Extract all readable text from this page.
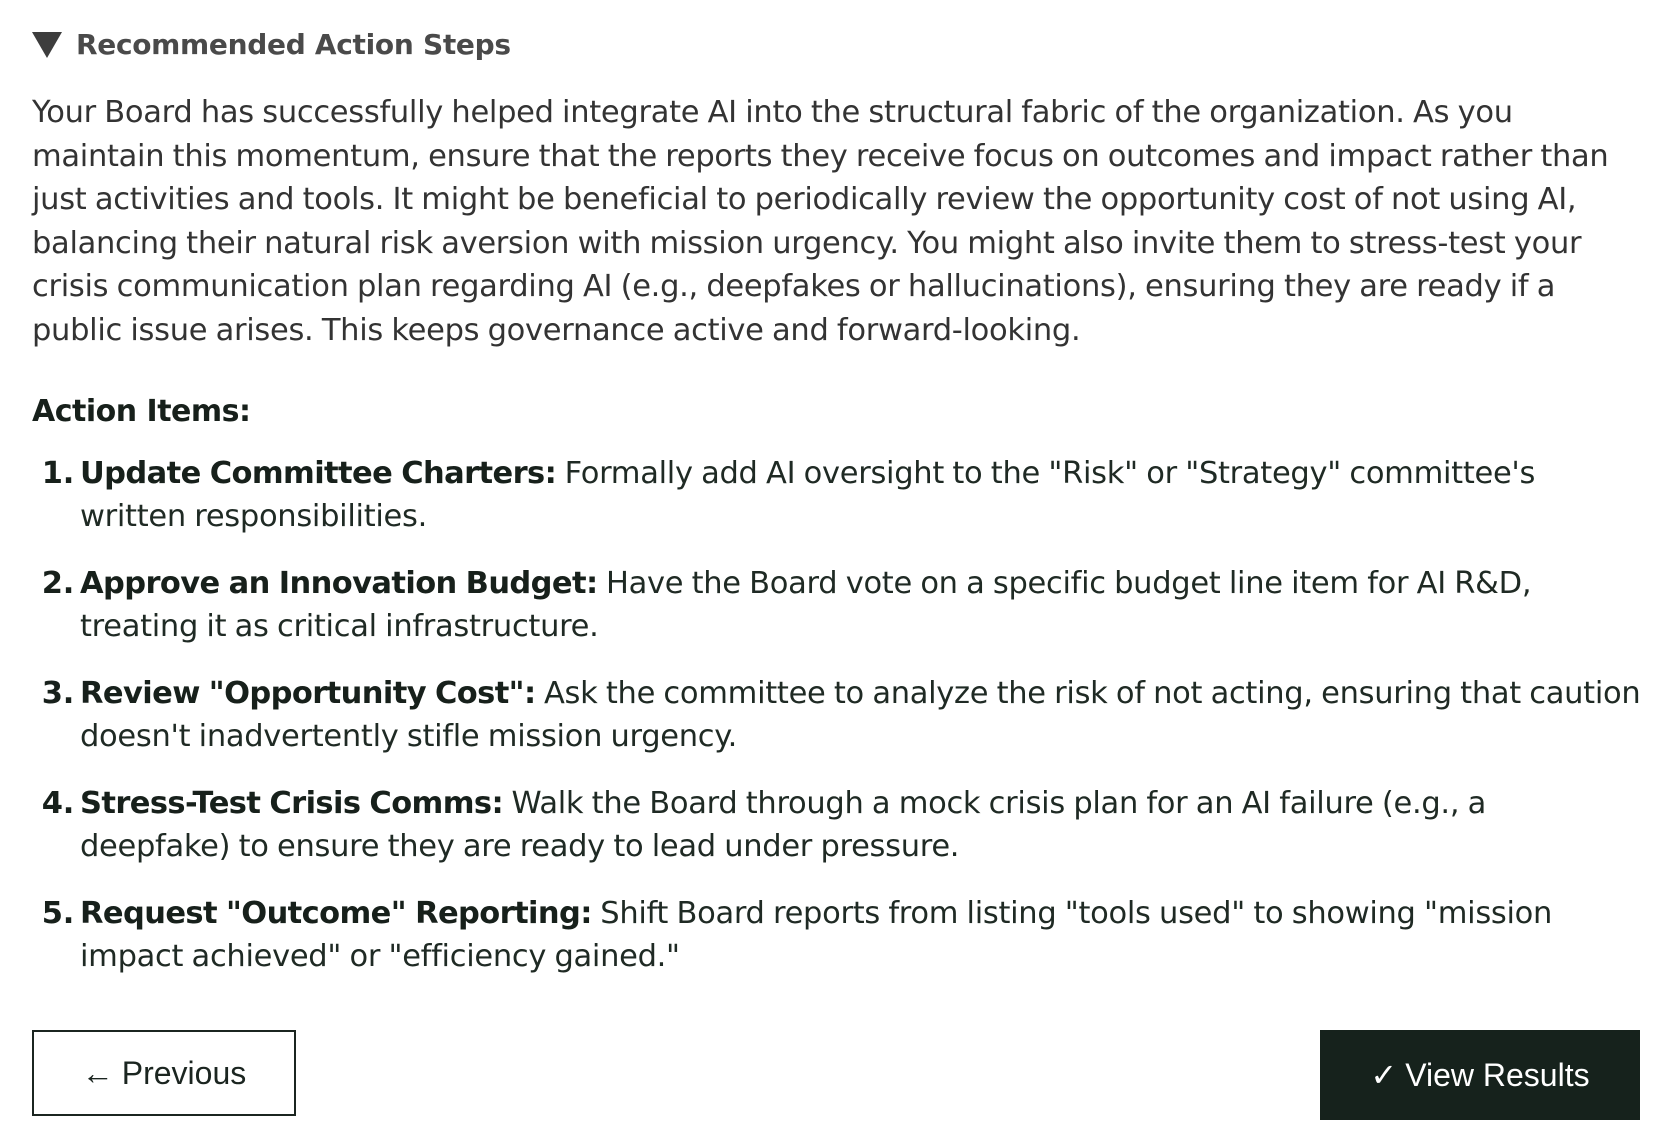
Recommended Action Steps
Your Board has successfully helped integrate AI into the structural fabric of the organization. As you maintain this momentum, ensure that the reports they receive focus on outcomes and impact rather than just activities and tools. It might be beneficial to periodically review the opportunity cost of not using AI, balancing their natural risk aversion with mission urgency. You might also invite them to stress-test your crisis communication plan regarding AI (e.g., deepfakes or hallucinations), ensuring they are ready if a public issue arises. This keeps governance active and forward-looking.
Action Items:
1. Update Committee Charters: Formally add AI oversight to the "Risk" or "Strategy" committee's written responsibilities.
2. Approve an Innovation Budget: Have the Board vote on a specific budget line item for AI R&D, treating it as critical infrastructure.
3. Review "Opportunity Cost": Ask the committee to analyze the risk of not acting, ensuring that caution doesn't inadvertently stifle mission urgency.
4. Stress-Test Crisis Comms: Walk the Board through a mock crisis plan for an AI failure (e.g., a deepfake) to ensure they are ready to lead under pressure.
5. Request "Outcome" Reporting: Shift Board reports from listing "tools used" to showing "mission impact achieved" or "efficiency gained."
← Previous	✓ View Results
